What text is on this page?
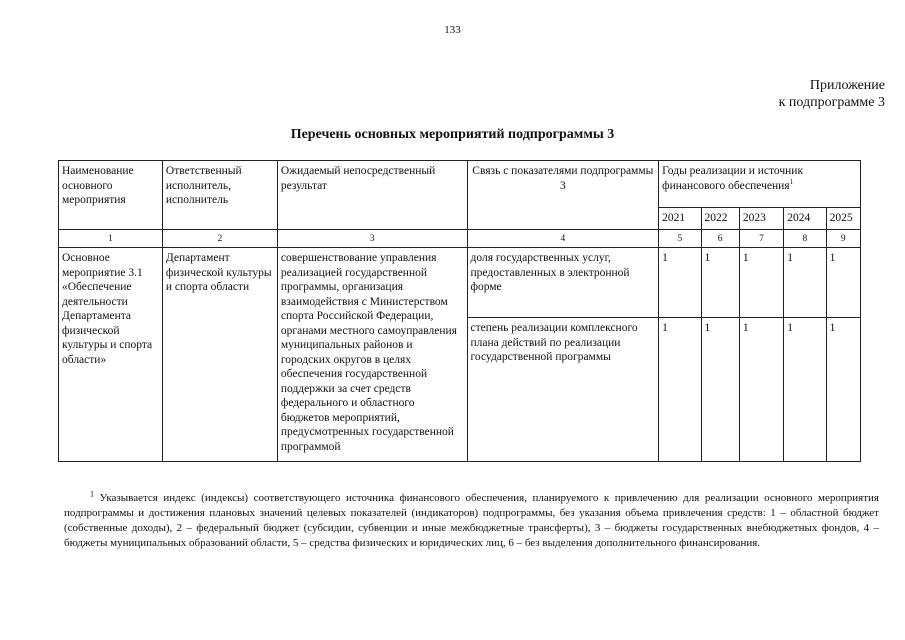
133
Приложение
к подпрограмме 3
Перечень основных мероприятий подпрограммы 3
Наименование основного мероприятия	Ответственный исполнитель, исполнитель	Ожидаемый непосредственный результат	Связь с показателями подпрограммы 3	Годы реализации и источник финансового обеспечения$^1$
				2021	2022	2023	2024	2025
1	2	3	4	5	6	7	8	9
Основное мероприятие 3.1 «Обеспечение деятельности Департамента физической культуры и спорта области»	Департамент физической культуры и спорта области	совершенствование управления реализацией государственной программы, организация взаимодействия с Министерством спорта Российской Федерации, органами местного самоуправления муниципальных районов и городских округов в целях обеспечения государственной поддержки за счет средств федерального и областного бюджетов мероприятий, предусмотренных государственной программой	доля государственных услуг, предоставленных в электронной форме	1	1	1	1	1
			степень реализации комплексного плана действий по реализации государственной программы	1	1	1	1	1
$^1$ Указывается индекс (индексы) соответствующего источника финансового обеспечения, планируемого к привлечению для реализации основного мероприятия подпрограммы и достижения плановых значений целевых показателей (индикаторов) подпрограммы, без указания объема привлечения средств: 1 – областной бюджет (собственные доходы), 2 – федеральный бюджет (субсидии, субвенции и иные межбюджетные трансферты), 3 – бюджеты государственных внебюджетных фондов, 4 – бюджеты муниципальных образований области, 5 – средства физических и юридических лиц, 6 – без выделения дополнительного финансирования.
